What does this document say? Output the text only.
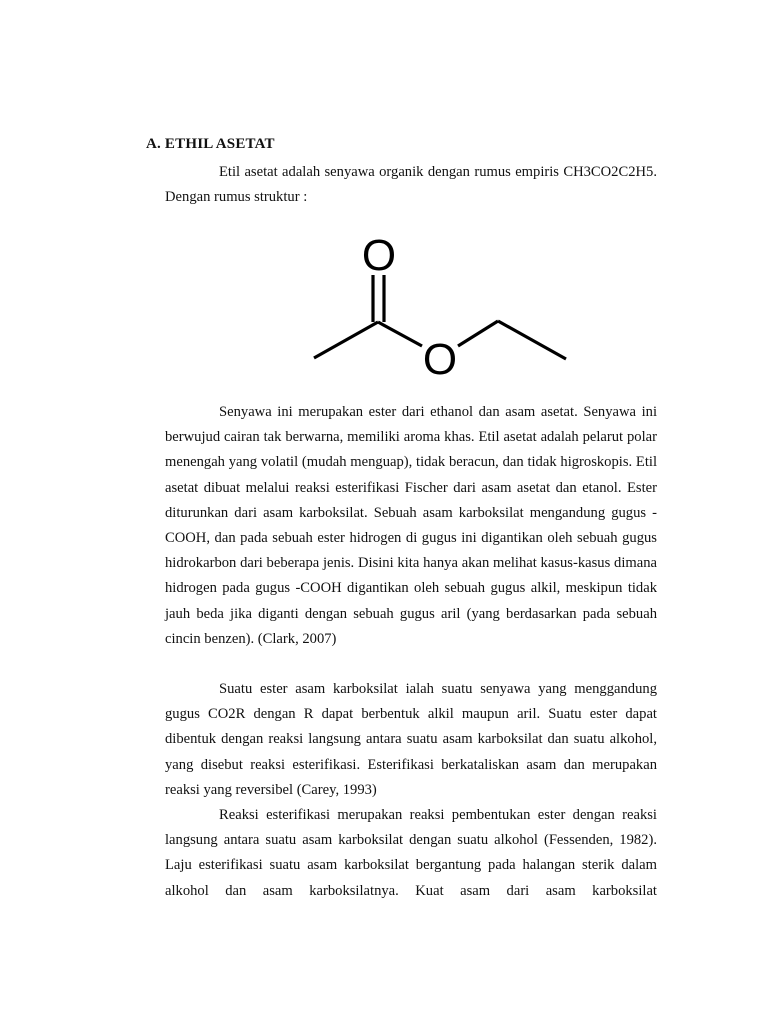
A. ETHIL ASETAT

Etil asetat adalah senyawa organik dengan rumus empiris CH3CO2C2H5. Dengan rumus struktur :

O
O

Senyawa ini merupakan ester dari ethanol dan asam asetat. Senyawa ini berwujud cairan tak berwarna, memiliki aroma khas. Etil asetat adalah pelarut polar menengah yang volatil (mudah menguap), tidak beracun, dan tidak higroskopis. Etil asetat dibuat melalui reaksi esterifikasi Fischer dari asam asetat dan etanol. Ester diturunkan dari asam karboksilat. Sebuah asam karboksilat mengandung gugus -COOH, dan pada sebuah ester hidrogen di gugus ini digantikan oleh sebuah gugus hidrokarbon dari beberapa jenis. Disini kita hanya akan melihat kasus-kasus dimana hidrogen pada gugus -COOH digantikan oleh sebuah gugus alkil, meskipun tidak jauh beda jika diganti dengan sebuah gugus aril (yang berdasarkan pada sebuah cincin benzen). (Clark, 2007)

Suatu ester asam karboksilat ialah suatu senyawa yang menggandung gugus CO2R dengan R dapat berbentuk alkil maupun aril. Suatu ester dapat dibentuk dengan reaksi langsung antara suatu asam karboksilat dan suatu alkohol, yang disebut reaksi esterifikasi. Esterifikasi berkataliskan asam dan merupakan reaksi yang reversibel (Carey, 1993)

Reaksi esterifikasi merupakan reaksi pembentukan ester dengan reaksi langsung antara suatu asam karboksilat dengan suatu alkohol (Fessenden, 1982). Laju esterifikasi suatu asam karboksilat bergantung pada halangan sterik dalam alkohol dan asam karboksilatnya. Kuat asam dari asam karboksilat
